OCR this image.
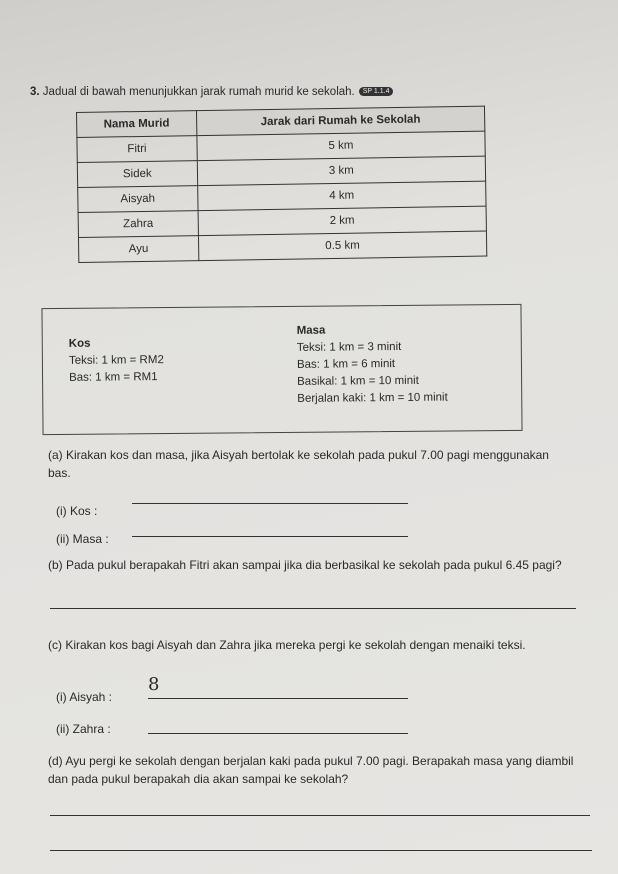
3. Jadual di bawah menunjukkan jarak rumah murid ke sekolah. SP 1.1.4
Nama Murid	Jarak dari Rumah ke Sekolah
Fitri	5 km
Sidek	3 km
Aisyah	4 km
Zahra	2 km
Ayu	0.5 km
Kos
Teksi: 1 km = RM2
Bas: 1 km = RM1
Masa
Teksi: 1 km = 3 minit
Bas: 1 km = 6 minit
Basikal: 1 km = 10 minit
Berjalan kaki: 1 km = 10 minit
(a) Kirakan kos dan masa, jika Aisyah bertolak ke sekolah pada pukul 7.00 pagi menggunakan bas.
(i) Kos :
(ii) Masa :
(b) Pada pukul berapakah Fitri akan sampai jika dia berbasikal ke sekolah pada pukul 6.45 pagi?
(c) Kirakan kos bagi Aisyah dan Zahra jika mereka pergi ke sekolah dengan menaiki teksi.
(i) Aisyah :
8
(ii) Zahra :
(d) Ayu pergi ke sekolah dengan berjalan kaki pada pukul 7.00 pagi. Berapakah masa yang diambil dan pada pukul berapakah dia akan sampai ke sekolah?
